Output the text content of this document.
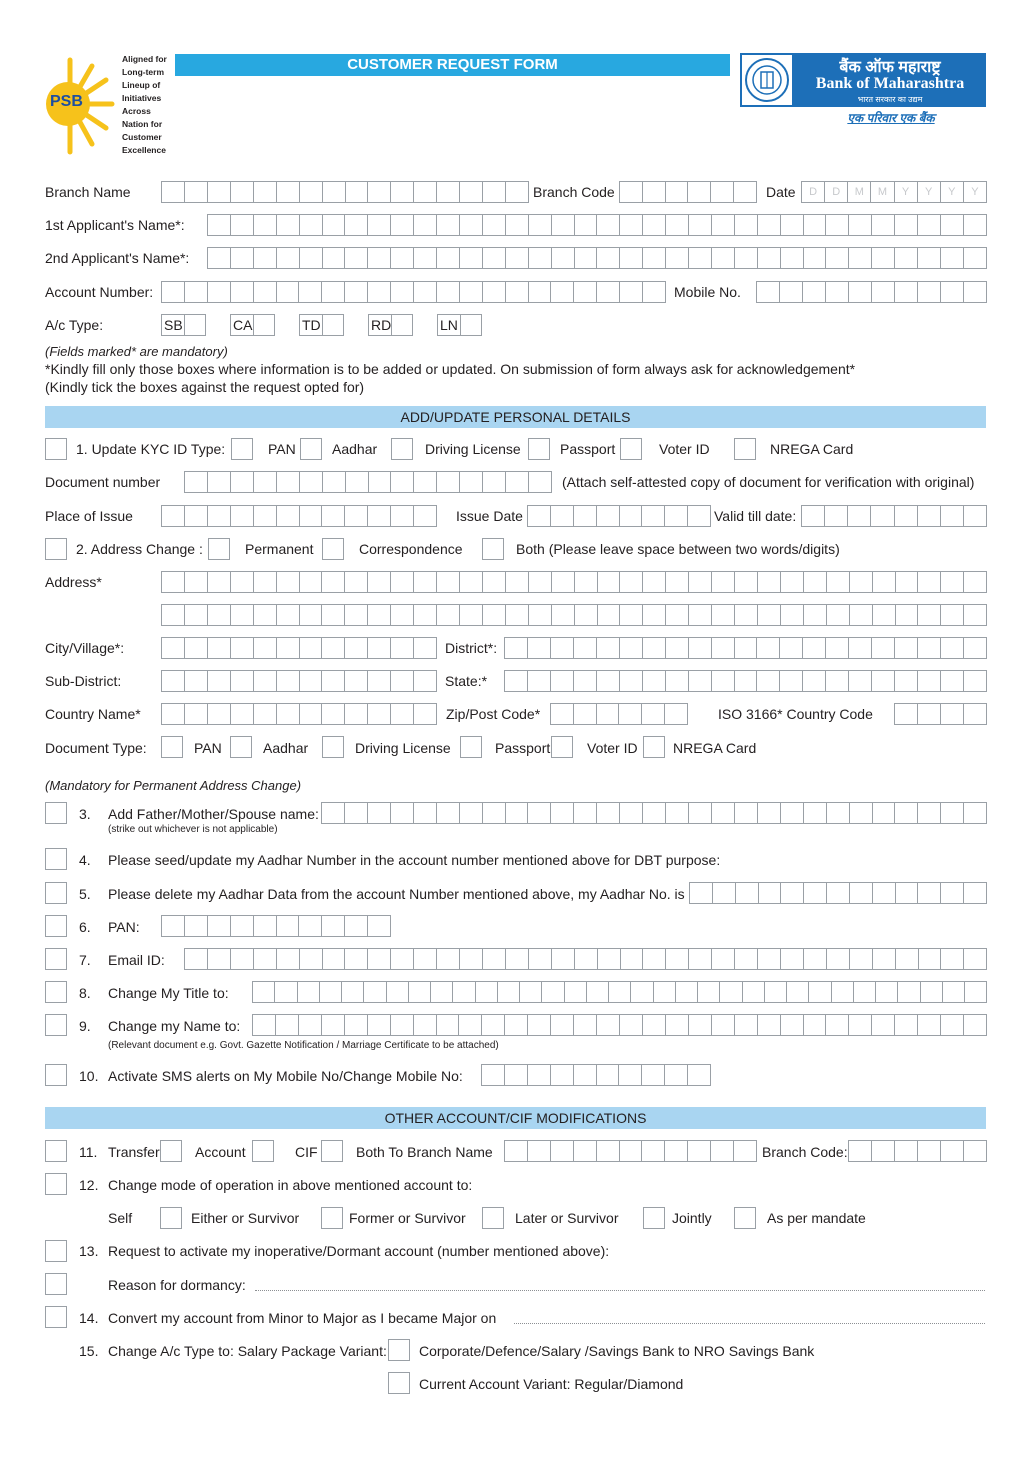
PSB
Aligned for
Long-term
Lineup of
Initiatives
Across
Nation for
Customer
Excellence
CUSTOMER REQUEST FORM	बैंक ऑफ महाराष्ट्र
Bank of Maharashtra
भारत सरकार का उद्यम
एक परिवार एक बैंक
Branch Name	Branch Code	Date	D	D	M	M	Y	Y	Y	Y
1st Applicant's Name*:
2nd Applicant's Name*:
Account Number:	Mobile No.
A/c Type:	SB	CA	TD	RD	LN
(Fields marked* are mandatory)
*Kindly fill only those boxes where information is to be added or updated. On submission of form always ask for acknowledgement*
(Kindly tick the boxes against the request opted for)
ADD/UPDATE PERSONAL DETAILS
1. Update KYC ID Type:	PAN	Aadhar	Driving License	Passport	Voter ID	NREGA Card
Document number	(Attach self-attested copy of document for verification with original)
Place of Issue	Issue Date	Valid till date:
2. Address Change :	Permanent	Correspondence	Both (Please leave space between two words/digits)
Address*
City/Village*:	District*:
Sub-District:	State:*
Country Name*	Zip/Post Code*	ISO 3166* Country Code
Document Type:	PAN	Aadhar	Driving License	Passport	Voter ID	NREGA Card
(Mandatory for Permanent Address Change)
3. Add Father/Mother/Spouse name:
(strike out whichever is not applicable)
4. Please seed/update my Aadhar Number in the account number mentioned above for DBT purpose:
5. Please delete my Aadhar Data from the account Number mentioned above, my Aadhar No. is
6. PAN:
7. Email ID:
8. Change My Title to:
9. Change my Name to:
(Relevant document e.g. Govt. Gazette Notification / Marriage Certificate to be attached)
10. Activate SMS alerts on My Mobile No/Change Mobile No:
OTHER ACCOUNT/CIF MODIFICATIONS
11. Transfer	Account	CIF	Both To Branch Name	Branch Code:
12. Change mode of operation in above mentioned account to:
Self	Either or Survivor	Former or Survivor	Later or Survivor	Jointly	As per mandate
13. Request to activate my inoperative/Dormant account (number mentioned above):
Reason for dormancy:
14. Convert my account from Minor to Major as I became Major on
15. Change A/c Type to: Salary Package Variant: Corporate/Defence/Salary /Savings Bank to NRO Savings Bank
Current Account Variant: Regular/Diamond
